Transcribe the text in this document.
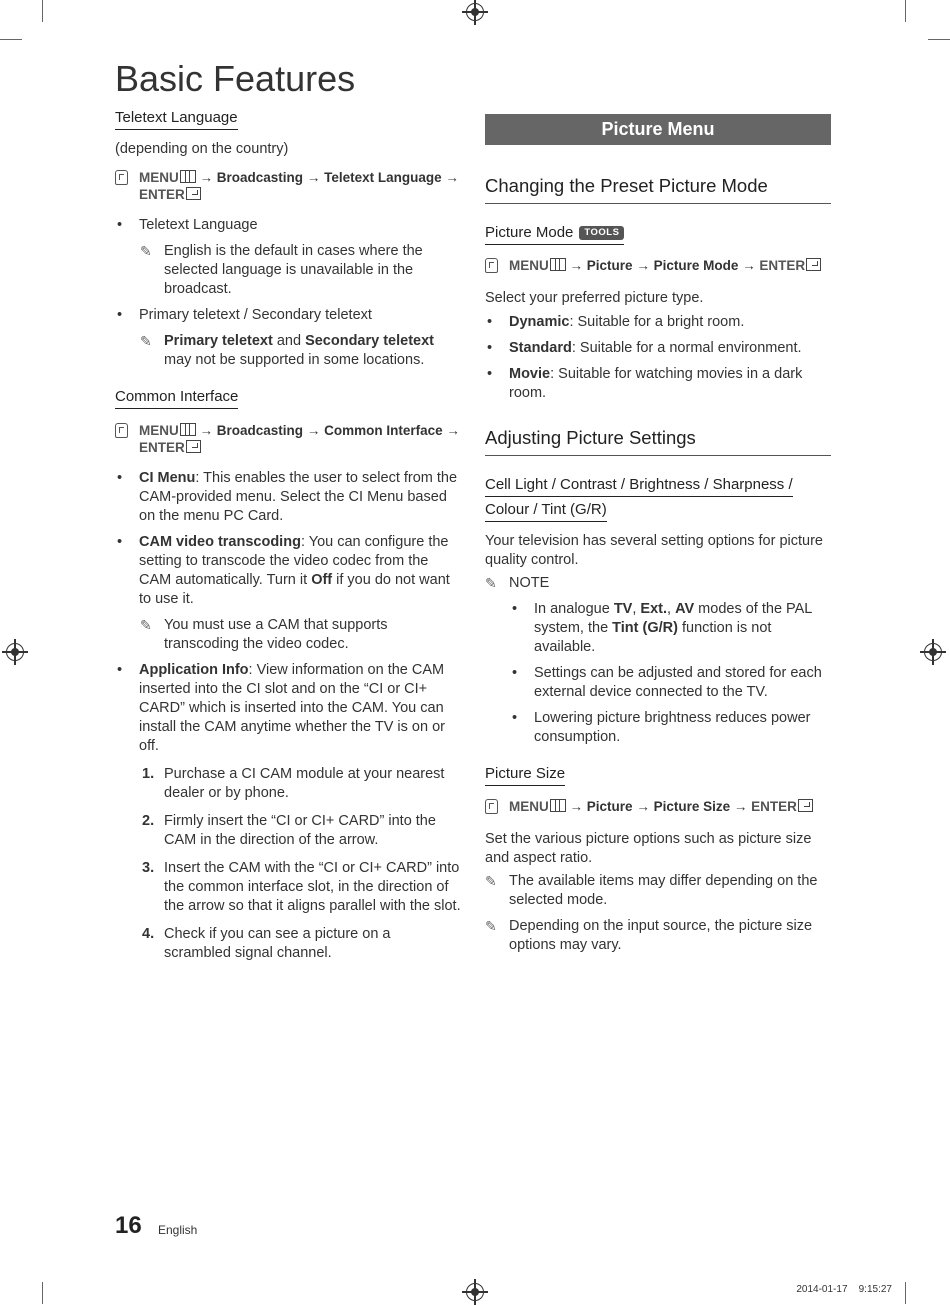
Basic Features
Teletext Language
(depending on the country)
MENU → Broadcasting → Teletext Language → ENTER
• Teletext Language
✎ English is the default in cases where the selected language is unavailable in the broadcast.
• Primary teletext / Secondary teletext
✎ Primary teletext and Secondary teletext may not be supported in some locations.
Common Interface
MENU → Broadcasting → Common Interface → ENTER
• CI Menu: This enables the user to select from the CAM-provided menu. Select the CI Menu based on the menu PC Card.
• CAM video transcoding: You can configure the setting to transcode the video codec from the CAM automatically. Turn it Off if you do not want to use it.
✎ You must use a CAM that supports transcoding the video codec.
• Application Info: View information on the CAM inserted into the CI slot and on the “CI or CI+ CARD” which is inserted into the CAM. You can install the CAM anytime whether the TV is on or off.
1. Purchase a CI CAM module at your nearest dealer or by phone.
2. Firmly insert the “CI or CI+ CARD” into the CAM in the direction of the arrow.
3. Insert the CAM with the “CI or CI+ CARD” into the common interface slot, in the direction of the arrow so that it aligns parallel with the slot.
4. Check if you can see a picture on a scrambled signal channel.
Picture Menu
Changing the Preset Picture Mode
Picture Mode TOOLS
MENU → Picture → Picture Mode → ENTER
Select your preferred picture type.
• Dynamic: Suitable for a bright room.
• Standard: Suitable for a normal environment.
• Movie: Suitable for watching movies in a dark room.
Adjusting Picture Settings
Cell Light / Contrast / Brightness / Sharpness /
Colour / Tint (G/R)
Your television has several setting options for picture quality control.
✎ NOTE
• In analogue TV, Ext., AV modes of the PAL system, the Tint (G/R) function is not available.
• Settings can be adjusted and stored for each external device connected to the TV.
• Lowering picture brightness reduces power consumption.
Picture Size
MENU → Picture → Picture Size → ENTER
Set the various picture options such as picture size and aspect ratio.
✎ The available items may differ depending on the selected mode.
✎ Depending on the input source, the picture size options may vary.
16 English
2014-01-17    9:15:27
